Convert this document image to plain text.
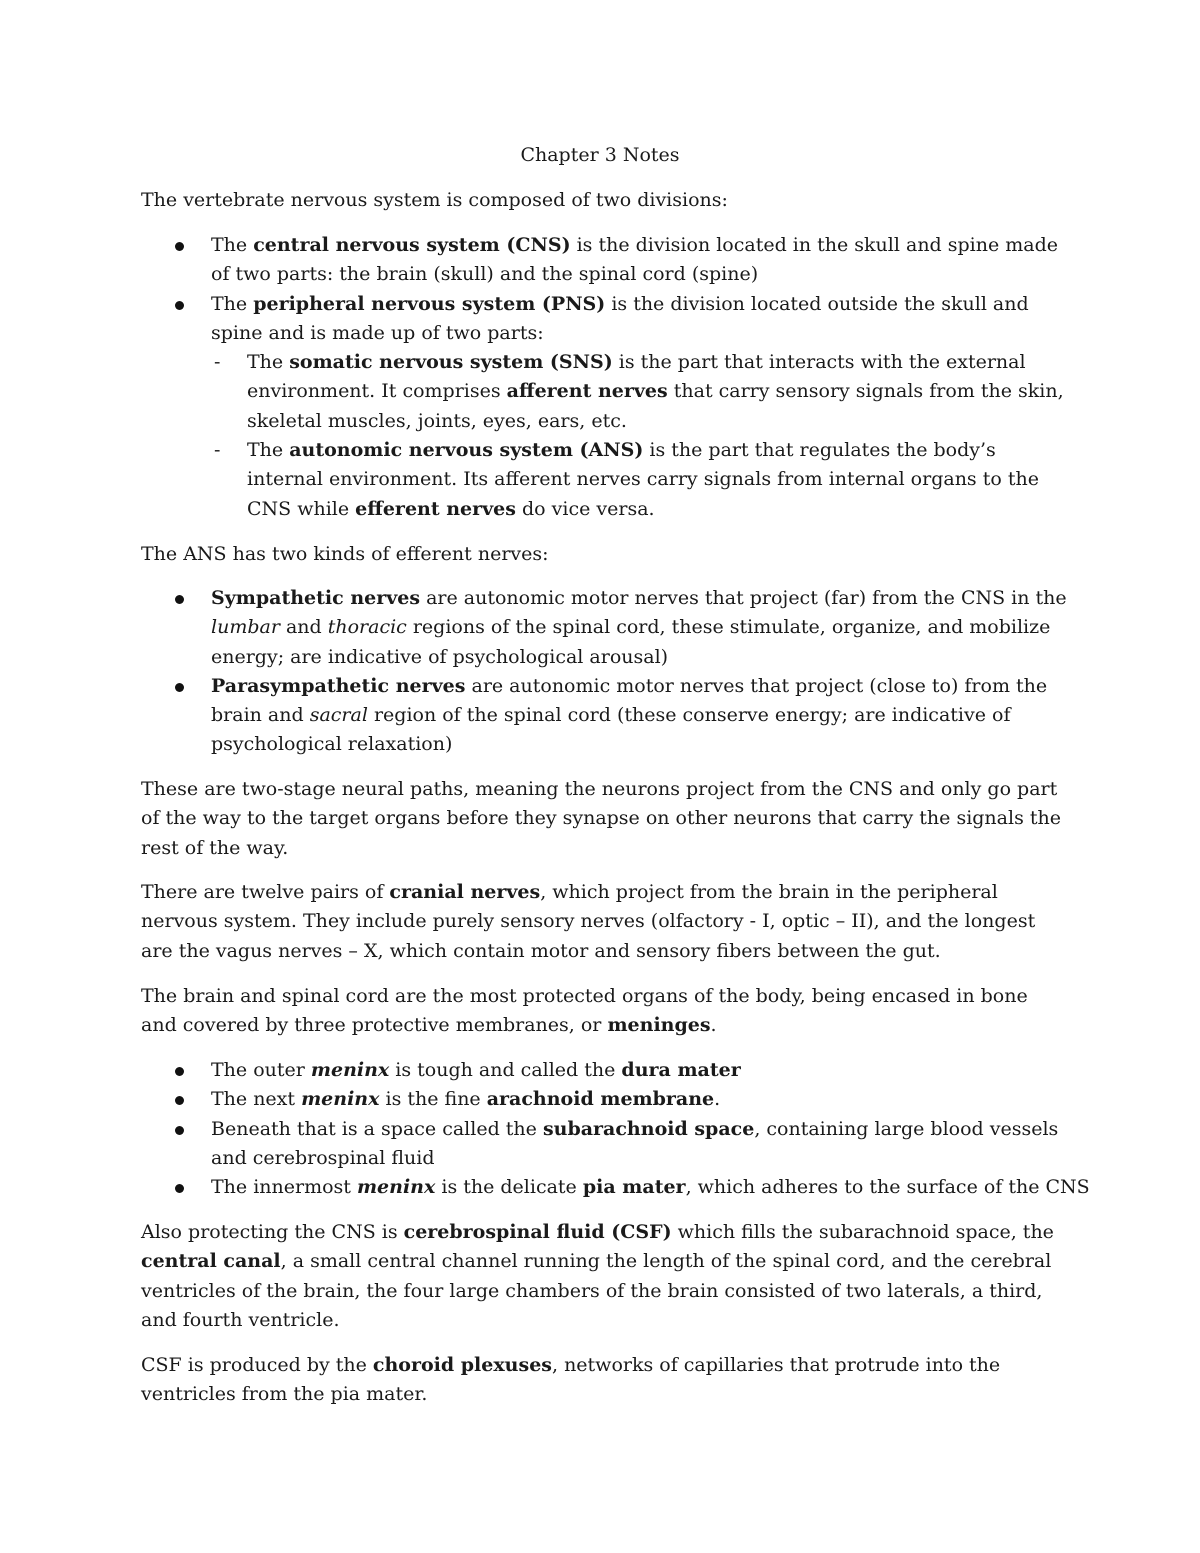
Chapter 3 Notes

The vertebrate nervous system is composed of two divisions:

The central nervous system (CNS) is the division located in the skull and spine made of two parts: the brain (skull) and the spinal cord (spine)
The peripheral nervous system (PNS) is the division located outside the skull and spine and is made up of two parts:
- The somatic nervous system (SNS) is the part that interacts with the external environment. It comprises afferent nerves that carry sensory signals from the skin, skeletal muscles, joints, eyes, ears, etc.
- The autonomic nervous system (ANS) is the part that regulates the body’s internal environment. Its afferent nerves carry signals from internal organs to the CNS while efferent nerves do vice versa.

The ANS has two kinds of efferent nerves:

Sympathetic nerves are autonomic motor nerves that project (far) from the CNS in the lumbar and thoracic regions of the spinal cord, these stimulate, organize, and mobilize energy; are indicative of psychological arousal)
Parasympathetic nerves are autonomic motor nerves that project (close to) from the brain and sacral region of the spinal cord (these conserve energy; are indicative of psychological relaxation)

These are two-stage neural paths, meaning the neurons project from the CNS and only go part of the way to the target organs before they synapse on other neurons that carry the signals the rest of the way.

There are twelve pairs of cranial nerves, which project from the brain in the peripheral nervous system. They include purely sensory nerves (olfactory - I, optic – II), and the longest are the vagus nerves – X, which contain motor and sensory fibers between the gut.

The brain and spinal cord are the most protected organs of the body, being encased in bone and covered by three protective membranes, or meninges.

The outer meninx is tough and called the dura mater
The next meninx is the fine arachnoid membrane.
Beneath that is a space called the subarachnoid space, containing large blood vessels and cerebrospinal fluid
The innermost meninx is the delicate pia mater, which adheres to the surface of the CNS

Also protecting the CNS is cerebrospinal fluid (CSF) which fills the subarachnoid space, the central canal, a small central channel running the length of the spinal cord, and the cerebral ventricles of the brain, the four large chambers of the brain consisted of two laterals, a third, and fourth ventricle.

CSF is produced by the choroid plexuses, networks of capillaries that protrude into the ventricles from the pia mater.
